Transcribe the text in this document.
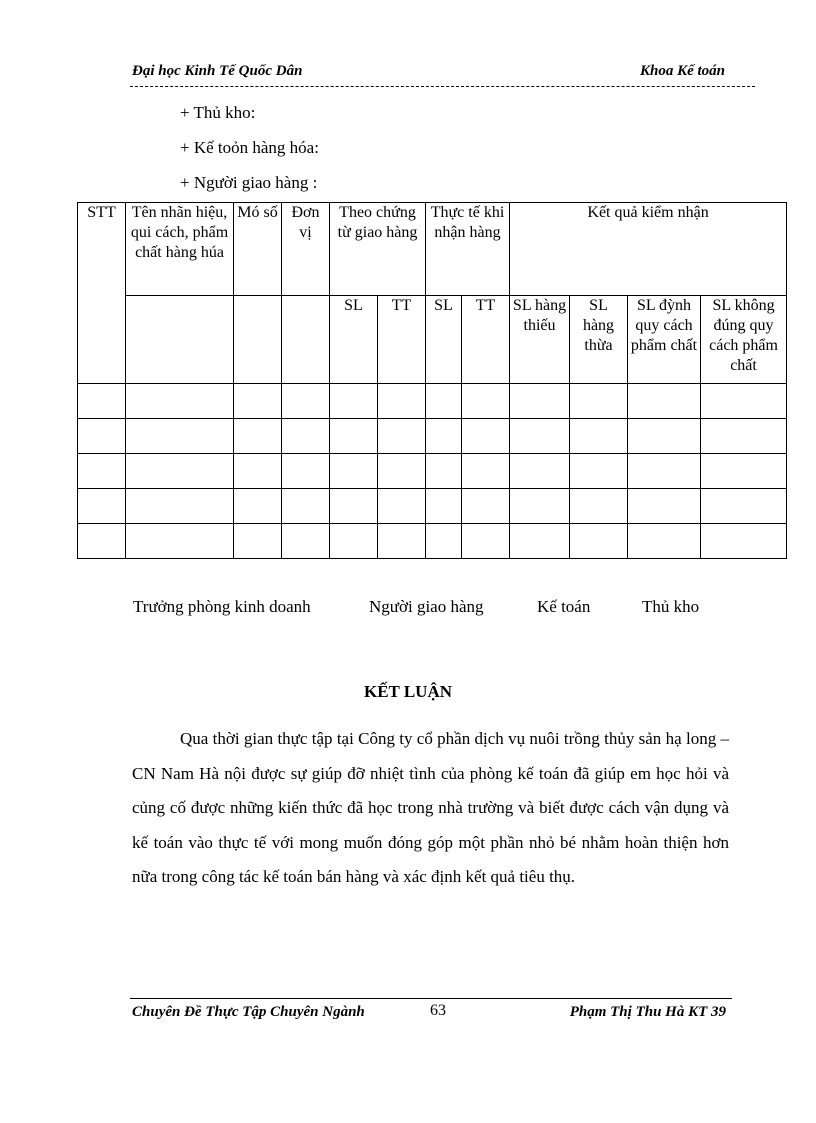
Đại học Kinh Tế Quốc Dân	Khoa Kế toán
+ Thủ kho:
+ Kế toỏn hàng hóa:
+ Người giao hàng :
STT	Tên nhãn hiệu, qui cách, phẩm chất hàng húa	Mó số	Đơn vị	Theo chứng từ giao hàng		Thực tế khi nhận hàng		Kết quả kiểm nhận			
				SL	TT	SL	TT	SL hàng thiếu	SL hàng thừa	SL đỳnh quy cách phẩm chất	SL không đúng quy cách phẩm chất

Trưởng phòng kinh doanh	Người giao hàng	Kế toán	Thủ kho
KẾT LUẬN
Qua thời gian thực tập tại Công ty cổ phần dịch vụ nuôi trồng thủy sản hạ long – CN Nam Hà nội được sự giúp đỡ nhiệt tình của phòng kế toán đã giúp em học hỏi và củng cố được những kiến thức đã học trong nhà trường và biết được cách vận dụng và kế toán vào thực tế với mong muốn đóng góp một phần nhỏ bé nhằm hoàn thiện hơn nữa trong công tác kế toán bán hàng và xác định kết quả tiêu thụ.
Chuyên Đề Thực Tập Chuyên Ngành	63	Phạm Thị Thu Hà KT 39
